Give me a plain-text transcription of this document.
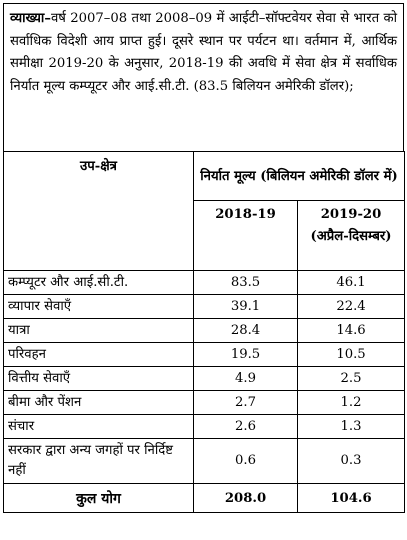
व्याख्या–वर्ष 2007–08 तथा 2008–09 में आईटी–सॉफ्टवेयर सेवा से भारत को सर्वाधिक विदेशी आय प्राप्त हुई। दूसरे स्थान पर पर्यटन था। वर्तमान में, आर्थिक समीक्षा 2019-20 के अनुसार, 2018-19 की अवधि में सेवा क्षेत्र में सर्वाधिक निर्यात मूल्य कम्प्यूटर और आई.सी.टी. (83.5 बिलियन अमेरिकी डॉलर);
उप-क्षेत्र	निर्यात मूल्य (बिलियन अमेरिकी डॉलर में)	
	2018-19	2019-20 (अप्रैल-दिसम्बर)
कम्प्यूटर और आई.सी.टी.	83.5	46.1
व्यापार सेवाएँ	39.1	22.4
यात्रा	28.4	14.6
परिवहन	19.5	10.5
वित्तीय सेवाएँ	4.9	2.5
बीमा और पेंशन	2.7	1.2
संचार	2.6	1.3
सरकार द्वारा अन्य जगहों पर निर्दिष्ट नहीं	0.6	0.3
कुल योग	208.0	104.6
